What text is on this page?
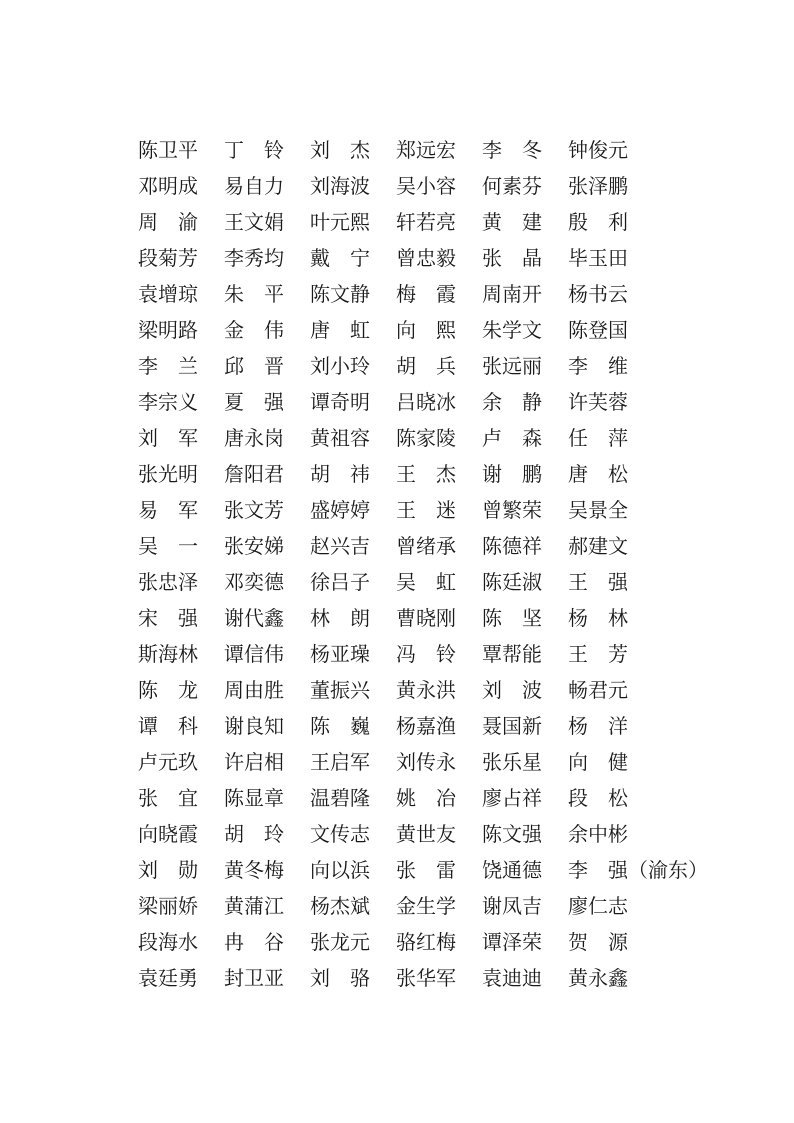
陈卫平	丁　铃	刘　杰	郑远宏	李　冬	钟俊元
邓明成	易自力	刘海波	吴小容	何素芬	张泽鹏
周　渝	王文娟	叶元熙	轩若亮	黄　建	殷　利
段菊芳	李秀均	戴　宁	曾忠毅	张　晶	毕玉田
袁增琼	朱　平	陈文静	梅　霞	周南开	杨书云
梁明路	金　伟	唐　虹	向　熙	朱学文	陈登国
李　兰	邱　晋	刘小玲	胡　兵	张远丽	李　维
李宗义	夏　强	谭奇明	吕晓冰	余　静	许芙蓉
刘　军	唐永岗	黄祖容	陈家陵	卢　森	任　萍
张光明	詹阳君	胡　祎	王　杰	谢　鹏	唐　松
易　军	张文芳	盛婷婷	王　迷	曾繁荣	吴景全
吴　一	张安娣	赵兴吉	曾绪承	陈德祥	郝建文
张忠泽	邓奕德	徐吕子	吴　虹	陈廷淑	王　强
宋　强	谢代鑫	林　朗	曹晓刚	陈　坚	杨　林
斯海林	谭信伟	杨亚璪	冯　铃	覃帮能	王　芳
陈　龙	周由胜	董振兴	黄永洪	刘　波	畅君元
谭　科	谢良知	陈　巍	杨嘉渔	聂国新	杨　洋
卢元玖	许启相	王启军	刘传永	张乐星	向　健
张　宜	陈显章	温碧隆	姚　冶	廖占祥	段　松
向晓霞	胡　玲	文传志	黄世友	陈文强	余中彬
刘　勋	黄冬梅	向以浜	张　雷	饶通德	李　强（渝东）
梁丽娇	黄蒲江	杨杰斌	金生学	谢凤吉	廖仁志
段海水	冉　谷	张龙元	骆红梅	谭泽荣	贺　源
袁廷勇	封卫亚	刘　骆	张华军	袁迪迪	黄永鑫
